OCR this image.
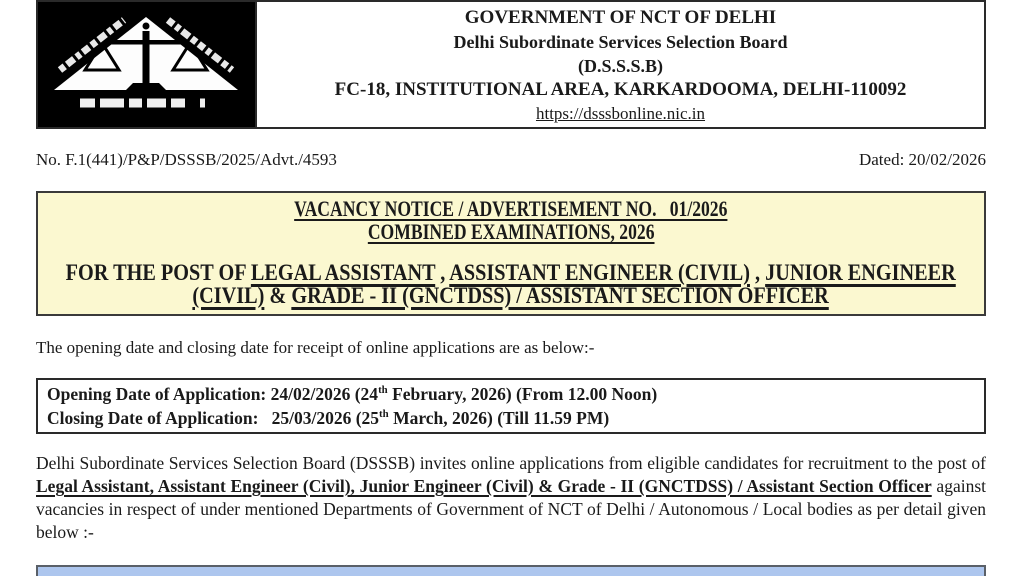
GOVERNMENT OF NCT OF DELHI
Delhi Subordinate Services Selection Board
(D.S.S.S.B)
FC-18, INSTITUTIONAL AREA, KARKARDOOMA, DELHI-110092
https://dsssbonline.nic.in
No. F.1(441)/P&P/DSSSB/2025/Advt./4593	Dated: 20/02/2026
VACANCY NOTICE / ADVERTISEMENT NO.   01/2026
COMBINED EXAMINATIONS, 2026
FOR THE POST OF LEGAL ASSISTANT , ASSISTANT ENGINEER (CIVIL) , JUNIOR ENGINEER
(CIVIL) & GRADE - II (GNCTDSS) / ASSISTANT SECTION OFFICER
The opening date and closing date for receipt of online applications are as below:-
Opening Date of Application: 24/02/2026 (24th February, 2026) (From 12.00 Noon)
Closing Date of Application:   25/03/2026 (25th March, 2026) (Till 11.59 PM)
Delhi Subordinate Services Selection Board (DSSSB) invites online applications from eligible candidates for recruitment to the post of Legal Assistant, Assistant Engineer (Civil), Junior Engineer (Civil) & Grade - II (GNCTDSS) / Assistant Section Officer against vacancies in respect of under mentioned Departments of Government of NCT of Delhi / Autonomous / Local bodies as per detail given below :-
